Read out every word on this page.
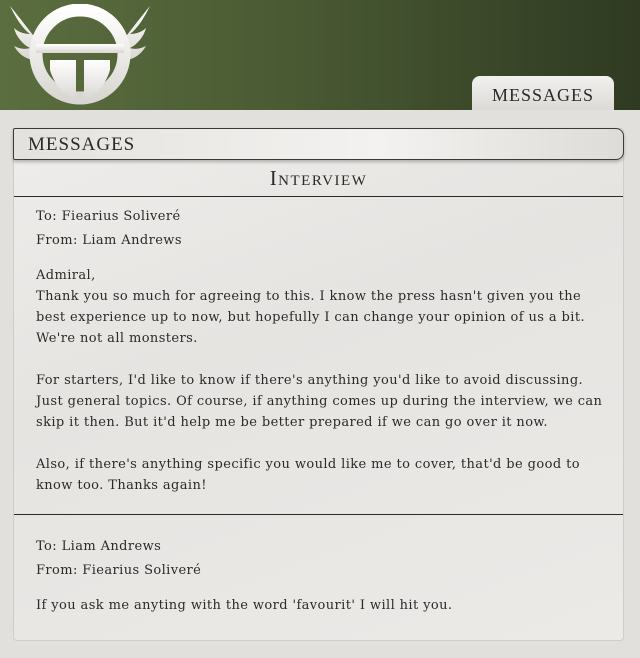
MESSAGES
MESSAGES
Interview
To: Fiearius Soliveré
From: Liam Andrews

Admiral,

Thank you so much for agreeing to this. I know the press hasn't given you the best experience up to now, but hopefully I can change your opinion of us a bit. We're not all monsters.

For starters, I'd like to know if there's anything you'd like to avoid discussing. Just general topics. Of course, if anything comes up during the interview, we can skip it then. But it'd help me be better prepared if we can go over it now.

Also, if there's anything specific you would like me to cover, that'd be good to know too. Thanks again!

To: Liam Andrews
From: Fiearius Soliveré

If you ask me anyting with the word 'favourit' I will hit you.
